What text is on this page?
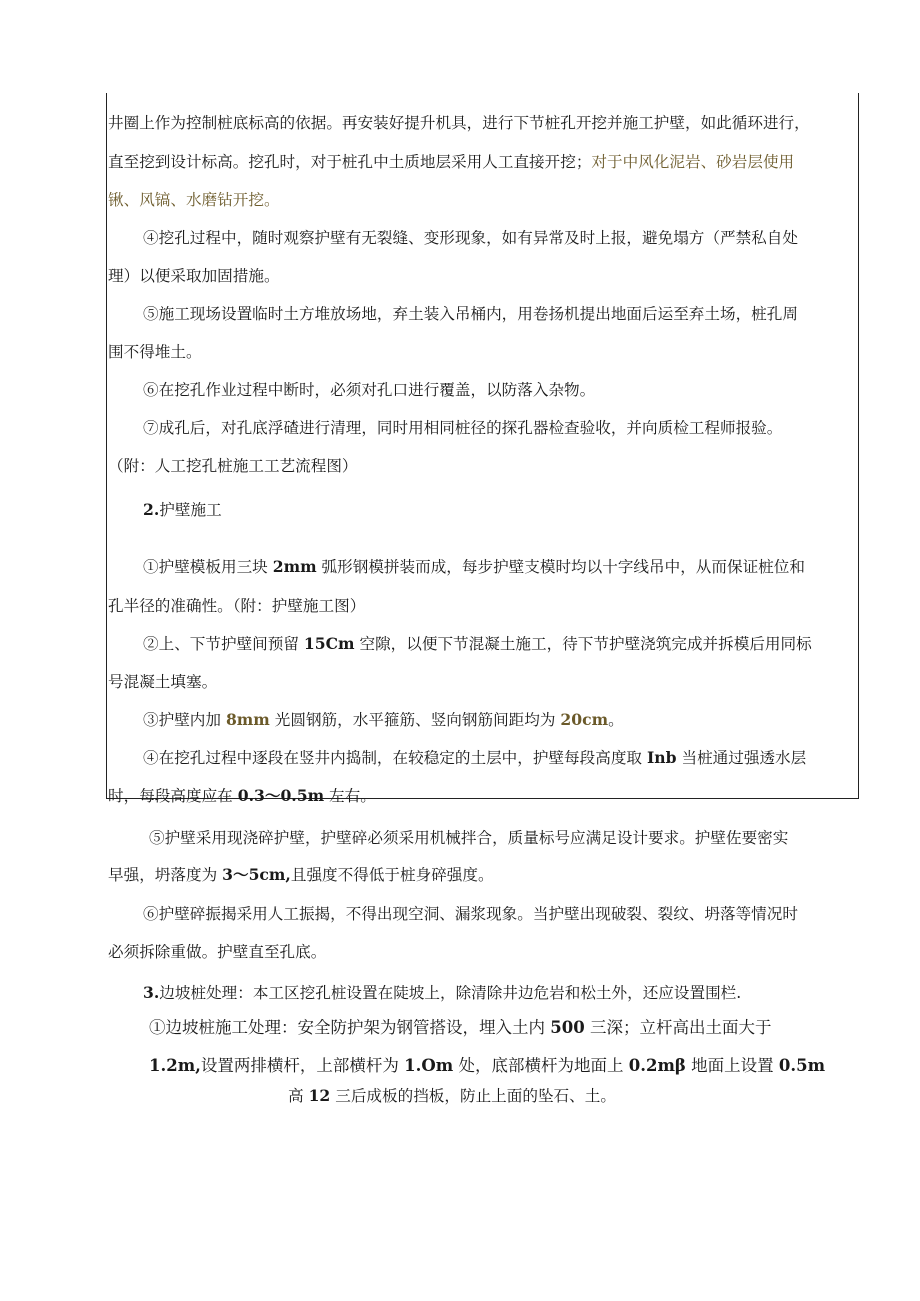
井圈上作为控制桩底标高的依据。再安装好提升机具，进行下节桩孔开挖并施工护壁，如此循环进行，
直至挖到设计标高。挖孔时，对于桩孔中土质地层采用人工直接开挖；对于中风化泥岩、砂岩层使用
锹、风镐、水磨钻开挖。
④挖孔过程中，随时观察护壁有无裂缝、变形现象，如有异常及时上报，避免塌方（严禁私自处
理）以便采取加固措施。
⑤施工现场设置临时土方堆放场地，弃土装入吊桶内，用卷扬机提出地面后运至弃土场，桩孔周
围不得堆土。
⑥在挖孔作业过程中断时，必须对孔口进行覆盖，以防落入杂物。
⑦成孔后，对孔底浮碴进行清理，同时用相同桩径的探孔器检查验收，并向质检工程师报验。
（附：人工挖孔桩施工工艺流程图）
2.护壁施工
①护壁模板用三块 2mm 弧形钢模拼装而成，每步护壁支模时均以十字线吊中，从而保证桩位和
孔半径的准确性。（附：护壁施工图）
②上、下节护壁间预留 15Cm 空隙，以便下节混凝土施工，待下节护壁浇筑完成并拆模后用同标
号混凝土填塞。
③护壁内加 8mm 光圆钢筋，水平箍筋、竖向钢筋间距均为 20cm。
④在挖孔过程中逐段在竖井内捣制，在较稳定的土层中，护壁每段高度取 Inb 当桩通过强透水层
时，每段高度应在 0.3～0.5m 左右。
⑤护壁采用现浇碎护壁，护壁碎必须采用机械拌合，质量标号应满足设计要求。护壁佐要密实
早强，坍落度为 3～5cm,且强度不得低于桩身碎强度。
⑥护壁碎振揭采用人工振揭，不得出现空洞、漏浆现象。当护壁出现破裂、裂纹、坍落等情况时
必须拆除重做。护壁直至孔底。
3.边坡桩处理：本工区挖孔桩设置在陡坡上，除清除井边危岩和松土外，还应设置围栏.
①边坡桩施工处理：安全防护架为钢管搭设，埋入土内 500 三深；立杆高出土面大于
1.2m,设置两排横杆，上部横杆为 1.Om 处，底部横杆为地面上 0.2mβ 地面上设置 0.5m
高 12 三后成板的挡板，防止上面的坠石、土。
